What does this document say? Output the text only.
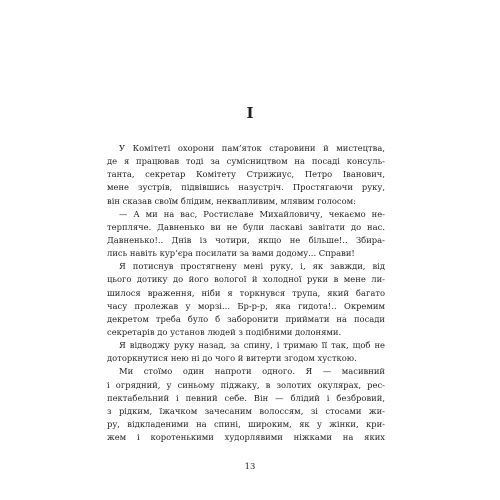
I
У Комітеті охорони пам’яток старовини й мистецтва,
де я працював тоді за сумісництвом на посаді консуль-
танта, секретар Комітету Стрижиус, Петро Іванович,
мене зустрів, підвівшись назустріч. Простягаючи руку,
він сказав своїм блідим, неквапливим, млявим голосом:
— А ми на вас, Ростиславе Михайловичу, чекаємо не-
терпляче. Давненько ви не були ласкаві завітати до нас.
Давненько!.. Днів із чотири, якщо не більше!.. Збира-
лись навіть кур’єра посилати за вами додому... Справи!
Я потиснув простягнену мені руку, і, як завжди, від
цього дотику до його вологої й холодної руки в мене ли-
шилося враження, ніби я торкнувся трупа, який багато
часу пролежав у морзі... Бр-р-р, яка гидота!.. Окремим
декретом треба було б заборонити приймати на посади
секретарів до установ людей з подібними долонями.
Я відводжу руку назад, за спину, і тримаю її так, щоб не
доторкнутися нею ні до чого й витерти згодом хусткою.
Ми стоїмо один напроти одного. Я — масивний
і огрядний, у синьому піджаку, в золотих окулярах, рес-
пектабельний і певний себе. Він — блідий і безбровий,
з рідким, їжачком зачесаним волоссям, зі стосами жи-
ру, відкладеними на спині, широким, як у жінки, кри-
жем і коротенькими худорлявими ніжками на яких
13
